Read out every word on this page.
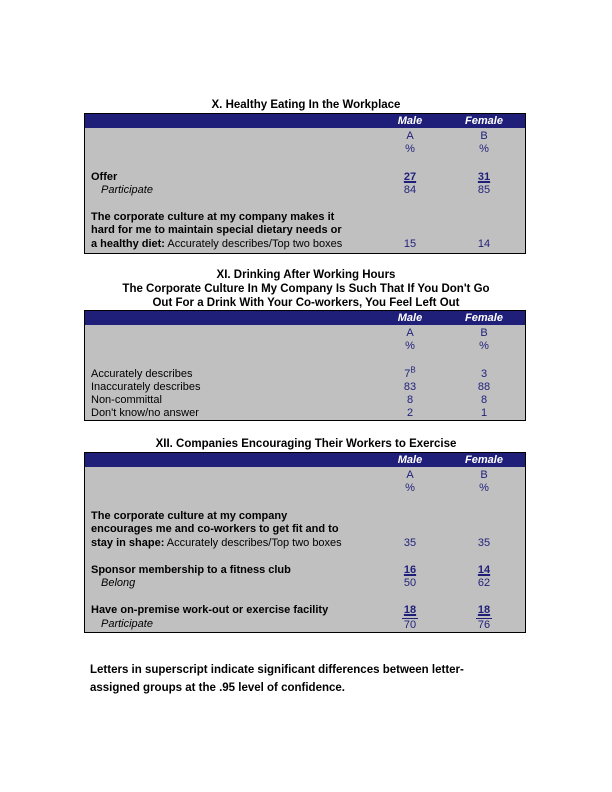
X. Healthy Eating In the Workplace
Male	Female
A	B
%	%
Offer	27	31
Participate	84	85
The corporate culture at my company makes it
hard for me to maintain special dietary needs or
a healthy diet: Accurately describes/Top two boxes	15	14
XI. Drinking After Working Hours
The Corporate Culture In My Company Is Such That If You Don't Go
Out For a Drink With Your Co-workers, You Feel Left Out
Male	Female
A	B
%	%
Accurately describes	$7^B$	3
Inaccurately describes	83	88
Non-committal	8	8
Don't know/no answer	2	1
XII. Companies Encouraging Their Workers to Exercise
Male	Female
A	B
%	%
The corporate culture at my company
encourages me and co-workers to get fit and to
stay in shape: Accurately describes/Top two boxes	35	35
Sponsor membership to a fitness club	16	14
Belong	50	62
Have on-premise work-out or exercise facility	18	18
Participate	70	76
Letters in superscript indicate significant differences between letter-
assigned groups at the .95 level of confidence.
